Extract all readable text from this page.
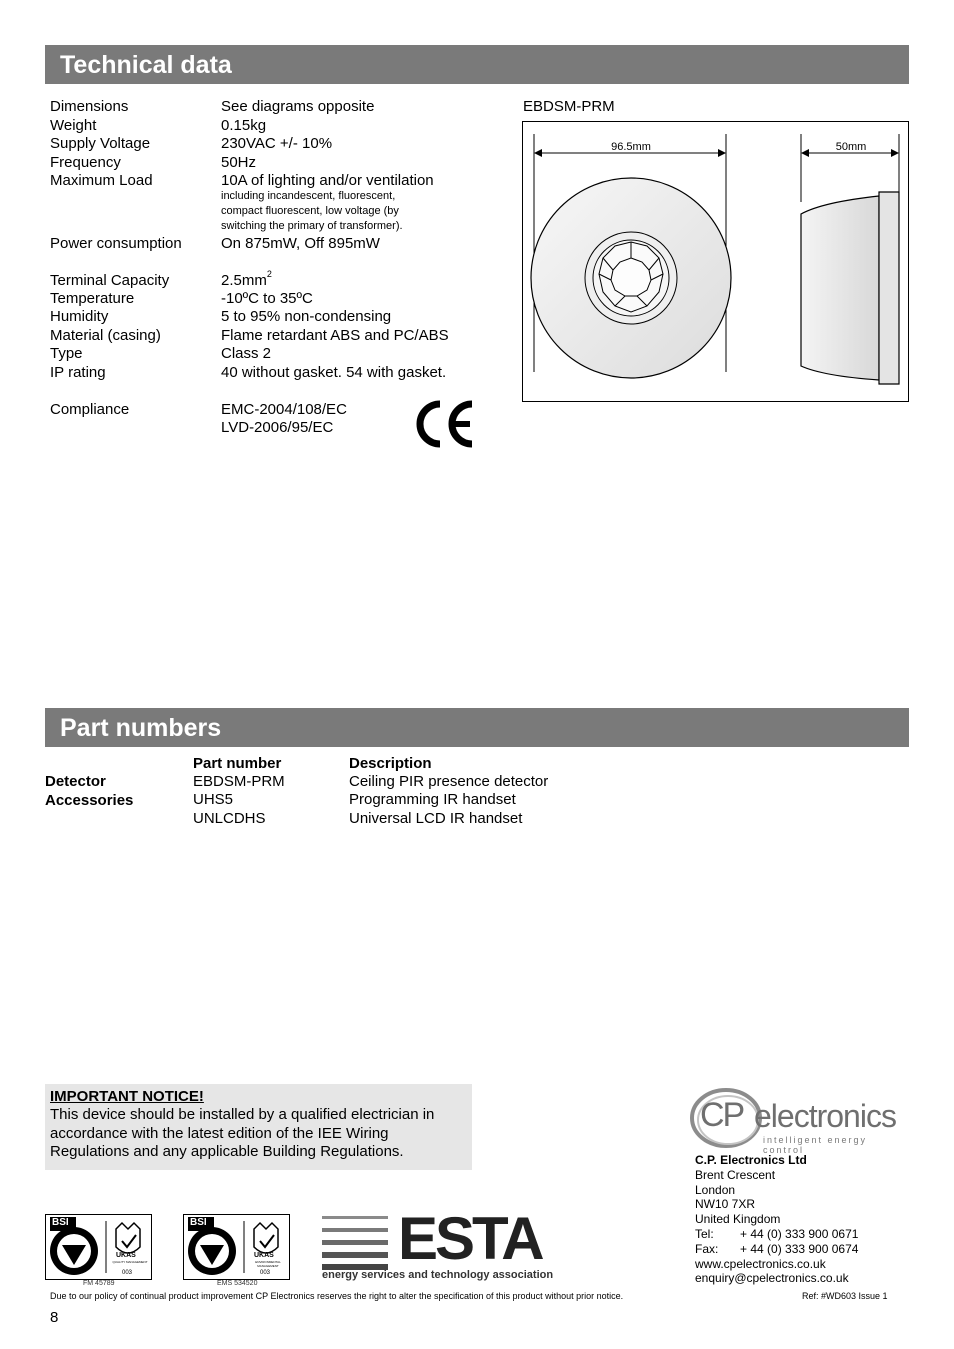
Technical data
Dimensions	See diagrams opposite
Weight	0.15kg
Supply Voltage	230VAC +/- 10%
Frequency	50Hz
Maximum Load	10A of lighting and/or ventilation
including incandescent, fluorescent,
compact fluorescent, low voltage (by
switching the primary of transformer).
Power consumption	On 875mW, Off 895mW
Terminal Capacity	$2.5mm^2$
Temperature	-10ºC to 35ºC
Humidity	5 to 95% non-condensing
Material (casing)	Flame retardant ABS and PC/ABS
Type	Class 2
IP rating	40 without gasket. 54 with gasket.
Compliance	EMC-2004/108/EC
LVD-2006/95/EC
EBDSM-PRM
96.5mm	50mm
Part numbers
Part number	Description
Detector	EBDSM-PRM	Ceiling PIR presence detector
Accessories	UHS5	Programming IR handset
UNLCDHS	Universal LCD IR handset
IMPORTANT NOTICE!
This device should be installed by a qualified electrician in
accordance with the latest edition of the IEE Wiring
Regulations and any applicable Building Regulations.
CP electronics
intelligent energy control
C.P. Electronics Ltd
Brent Crescent
London
NW10 7XR
United Kingdom
Tel: + 44 (0) 333 900 0671
Fax: + 44 (0) 333 900 0674
www.cpelectronics.co.uk
enquiry@cpelectronics.co.uk
BSI
UKAS
QUALITY MANAGEMENT
003
FM 45789
BSI
UKAS
ENVIRONMENTAL MANAGEMENT
003
EMS 534520
ESTA
energy services and technology association
Due to our policy of continual product improvement CP Electronics reserves the right to alter the specification of this product without prior notice.	Ref: #WD603 Issue 1
8
